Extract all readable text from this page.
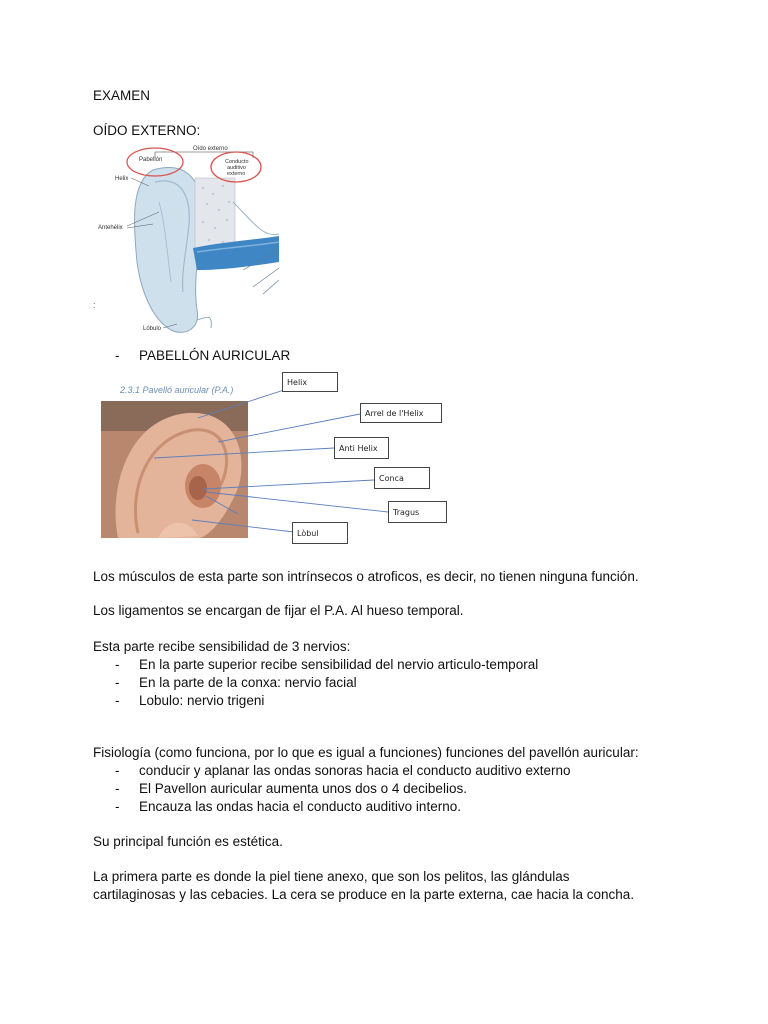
EXAMEN
OÍDO EXTERNO:
Oído externo
Pabellón	Conducto
auditivo
externo
Helix
Antehélix
Lóbulo
:
- PABELLÓN AURICULAR
2.3.1 Pavelló auricular (P.A.)
Helix
Arrel de l'Helix
Anti Helix
Conca
Tragus
Lòbul
Los músculos de esta parte son intrínsecos o atroficos, es decir, no tienen ninguna función.
Los ligamentos se encargan de fijar el P.A. Al hueso temporal.
Esta parte recibe sensibilidad de 3 nervios:
- En la parte superior recibe sensibilidad del nervio articulo-temporal
- En la parte de la conxa: nervio facial
- Lobulo: nervio trigeni
Fisiología (como funciona, por lo que es igual a funciones) funciones del pavellón auricular:
- conducir y aplanar las ondas sonoras hacia el conducto auditivo externo
- El Pavellon auricular aumenta unos dos o 4 decibelios.
- Encauza las ondas hacia el conducto auditivo interno.
Su principal función es estética.
La primera parte es donde la piel tiene anexo, que son los pelitos, las glándulas
cartilaginosas y las cebacies. La cera se produce en la parte externa, cae hacia la concha.
